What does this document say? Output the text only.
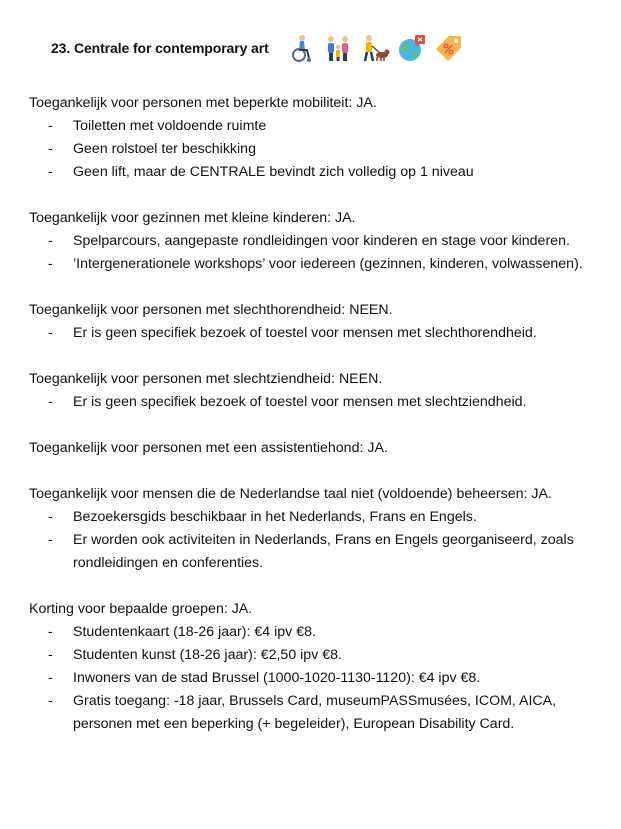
23. Centrale for contemporary art
Toegankelijk voor personen met beperkte mobiliteit: JA.
- Toiletten met voldoende ruimte
- Geen rolstoel ter beschikking
- Geen lift, maar de CENTRALE bevindt zich volledig op 1 niveau
Toegankelijk voor gezinnen met kleine kinderen: JA.
- Spelparcours, aangepaste rondleidingen voor kinderen en stage voor kinderen.
- ’Intergenerationele workshops’ voor iedereen (gezinnen, kinderen, volwassenen).
Toegankelijk voor personen met slechthorendheid: NEEN.
- Er is geen specifiek bezoek of toestel voor mensen met slechthorendheid.
Toegankelijk voor personen met slechtziendheid: NEEN.
- Er is geen specifiek bezoek of toestel voor mensen met slechtziendheid.
Toegankelijk voor personen met een assistentiehond: JA.
Toegankelijk voor mensen die de Nederlandse taal niet (voldoende) beheersen: JA.
- Bezoekersgids beschikbaar in het Nederlands, Frans en Engels.
- Er worden ook activiteiten in Nederlands, Frans en Engels georganiseerd, zoals rondleidingen en conferenties.
Korting voor bepaalde groepen: JA.
- Studentenkaart (18-26 jaar): €4 ipv €8.
- Studenten kunst (18-26 jaar): €2,50 ipv €8.
- Inwoners van de stad Brussel (1000-1020-1130-1120): €4 ipv €8.
- Gratis toegang: -18 jaar, Brussels Card, museumPASSmusées, ICOM, AICA, personen met een beperking (+ begeleider), European Disability Card.
